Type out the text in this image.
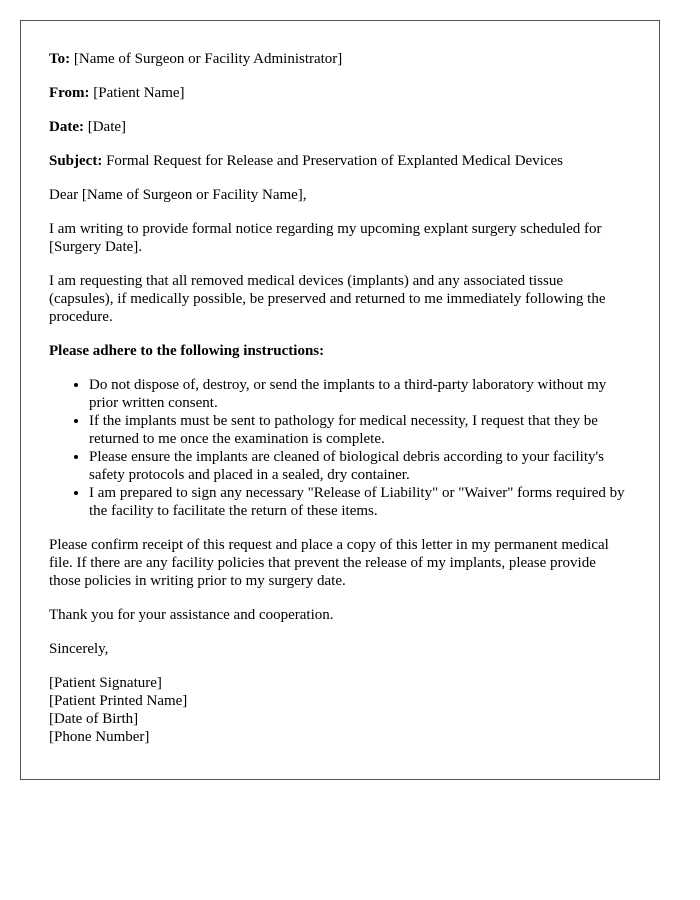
To: [Name of Surgeon or Facility Administrator]

From: [Patient Name]

Date: [Date]

Subject: Formal Request for Release and Preservation of Explanted Medical Devices

Dear [Name of Surgeon or Facility Name],

I am writing to provide formal notice regarding my upcoming explant surgery scheduled for [Surgery Date].

I am requesting that all removed medical devices (implants) and any associated tissue (capsules), if medically possible, be preserved and returned to me immediately following the procedure.

Please adhere to the following instructions:

• Do not dispose of, destroy, or send the implants to a third-party laboratory without my prior written consent.
• If the implants must be sent to pathology for medical necessity, I request that they be returned to me once the examination is complete.
• Please ensure the implants are cleaned of biological debris according to your facility's safety protocols and placed in a sealed, dry container.
• I am prepared to sign any necessary "Release of Liability" or "Waiver" forms required by the facility to facilitate the return of these items.

Please confirm receipt of this request and place a copy of this letter in my permanent medical file. If there are any facility policies that prevent the release of my implants, please provide those policies in writing prior to my surgery date.

Thank you for your assistance and cooperation.

Sincerely,

[Patient Signature]
[Patient Printed Name]
[Date of Birth]
[Phone Number]
